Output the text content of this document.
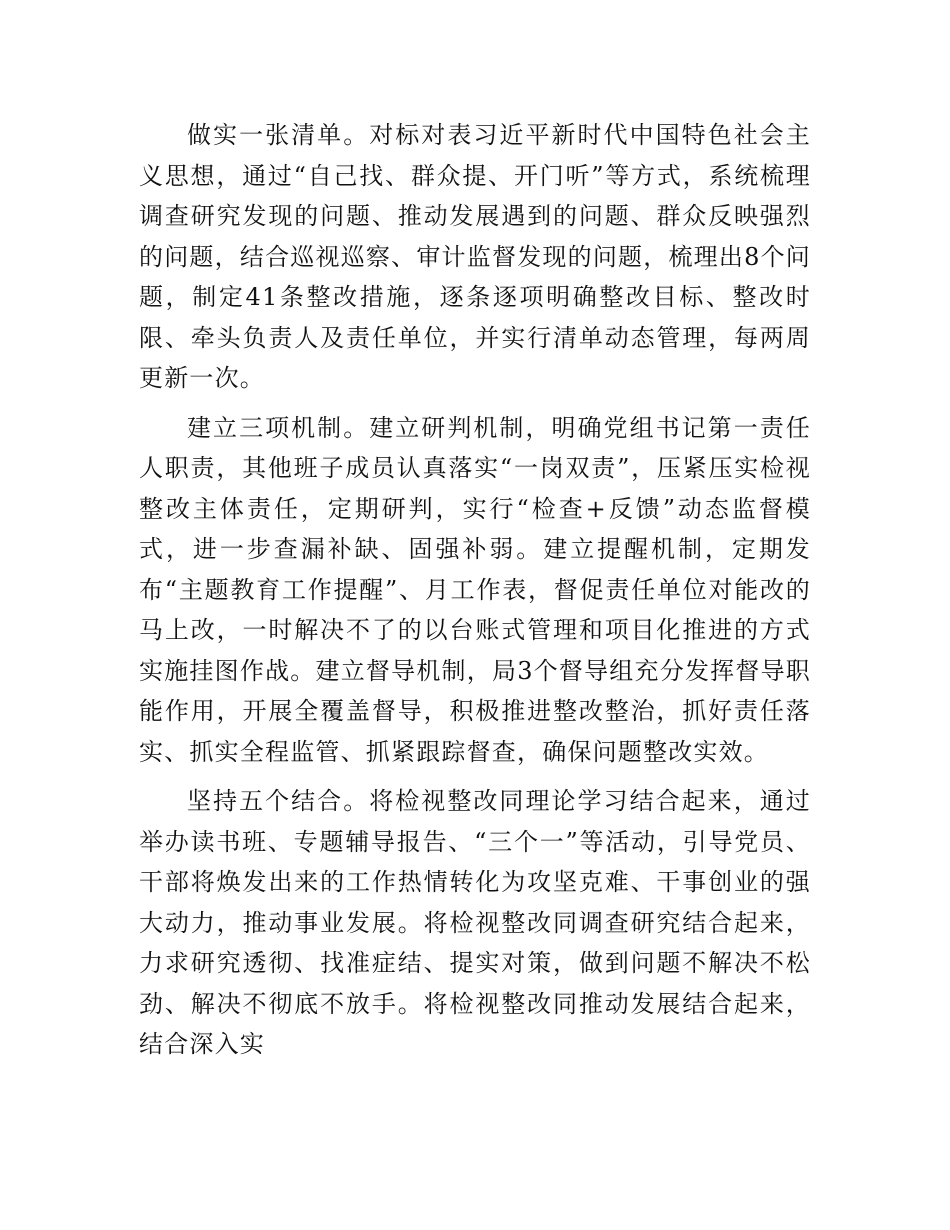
做实一张清单。对标对表习近平新时代中国特色社会主义思想，通过“自己找、群众提、开门听”等方式，系统梳理调查研究发现的问题、推动发展遇到的问题、群众反映强烈的问题，结合巡视巡察、审计监督发现的问题，梳理出8个问题，制定41条整改措施，逐条逐项明确整改目标、整改时限、牵头负责人及责任单位，并实行清单动态管理，每两周更新一次。

建立三项机制。建立研判机制，明确党组书记第一责任人职责，其他班子成员认真落实“一岗双责”，压紧压实检视整改主体责任，定期研判，实行“检查+反馈”动态监督模式，进一步查漏补缺、固强补弱。建立提醒机制，定期发布“主题教育工作提醒”、月工作表，督促责任单位对能改的马上改，一时解决不了的以台账式管理和项目化推进的方式实施挂图作战。建立督导机制，局3个督导组充分发挥督导职能作用，开展全覆盖督导，积极推进整改整治，抓好责任落实、抓实全程监管、抓紧跟踪督查，确保问题整改实效。

坚持五个结合。将检视整改同理论学习结合起来，通过举办读书班、专题辅导报告、“三个一”等活动，引导党员、干部将焕发出来的工作热情转化为攻坚克难、干事创业的强大动力，推动事业发展。将检视整改同调查研究结合起来，力求研究透彻、找准症结、提实对策，做到问题不解决不松劲、解决不彻底不放手。将检视整改同推动发展结合起来，结合深入实
